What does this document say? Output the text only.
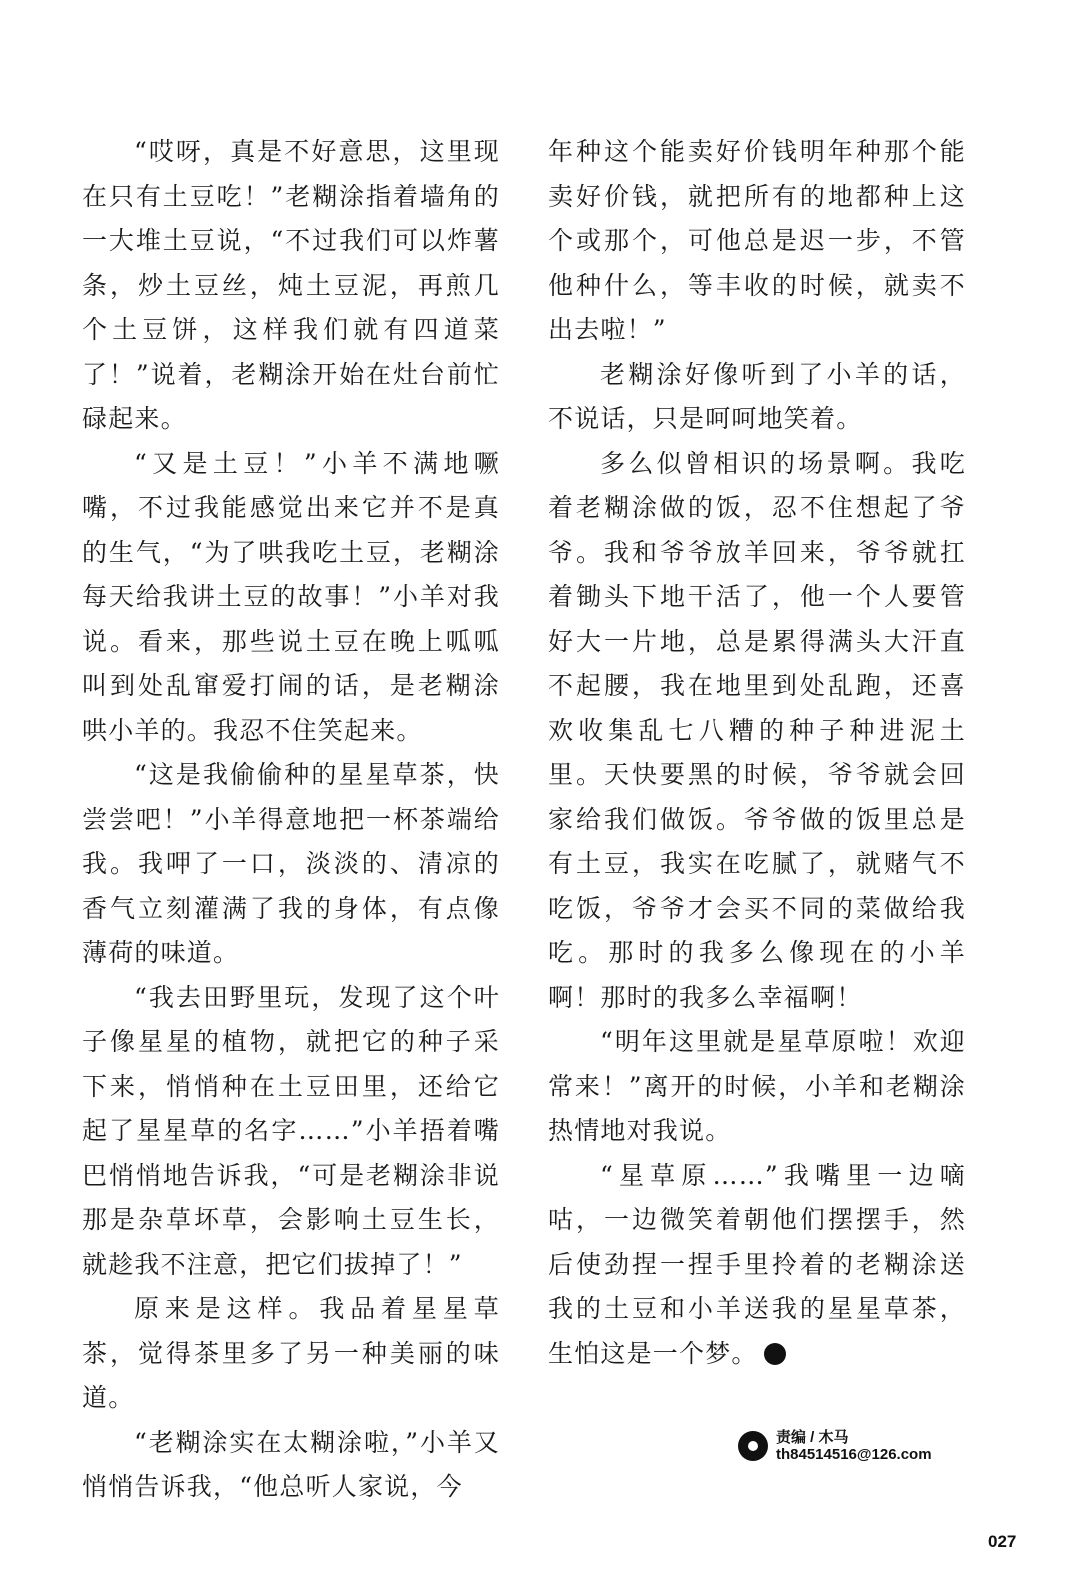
“哎呀，真是不好意思，这里现在只有土豆吃！”老糊涂指着墙角的一大堆土豆说，“不过我们可以炸薯条，炒土豆丝，炖土豆泥，再煎几个土豆饼，这样我们就有四道菜了！”说着，老糊涂开始在灶台前忙碌起来。

“又是土豆！”小羊不满地噘嘴，不过我能感觉出来它并不是真的生气，“为了哄我吃土豆，老糊涂每天给我讲土豆的故事！”小羊对我说。看来，那些说土豆在晚上呱呱叫到处乱窜爱打闹的话，是老糊涂哄小羊的。我忍不住笑起来。

“这是我偷偷种的星星草茶，快尝尝吧！”小羊得意地把一杯茶端给我。我呷了一口，淡淡的、清凉的香气立刻灌满了我的身体，有点像薄荷的味道。

“我去田野里玩，发现了这个叶子像星星的植物，就把它的种子采下来，悄悄种在土豆田里，还给它起了星星草的名字……”小羊捂着嘴巴悄悄地告诉我，“可是老糊涂非说那是杂草坏草，会影响土豆生长，就趁我不注意，把它们拔掉了！”

原来是这样。我品着星星草茶，觉得茶里多了另一种美丽的味道。

“老糊涂实在太糊涂啦，”小羊又悄悄告诉我，“他总听人家说，今

年种这个能卖好价钱明年种那个能卖好价钱，就把所有的地都种上这个或那个，可他总是迟一步，不管他种什么，等丰收的时候，就卖不出去啦！”

老糊涂好像听到了小羊的话，不说话，只是呵呵地笑着。

多么似曾相识的场景啊。我吃着老糊涂做的饭，忍不住想起了爷爷。我和爷爷放羊回来，爷爷就扛着锄头下地干活了，他一个人要管好大一片地，总是累得满头大汗直不起腰，我在地里到处乱跑，还喜欢收集乱七八糟的种子种进泥土里。天快要黑的时候，爷爷就会回家给我们做饭。爷爷做的饭里总是有土豆，我实在吃腻了，就赌气不吃饭，爷爷才会买不同的菜做给我吃。那时的我多么像现在的小羊啊！那时的我多么幸福啊！

“明年这里就是星草原啦！欢迎常来！”离开的时候，小羊和老糊涂热情地对我说。

“星草原……”我嘴里一边嘀咕，一边微笑着朝他们摆摆手，然后使劲捏一捏手里拎着的老糊涂送我的土豆和小羊送我的星星草茶，生怕这是一个梦。

责编 / 木马
th84514516@126.com
027
